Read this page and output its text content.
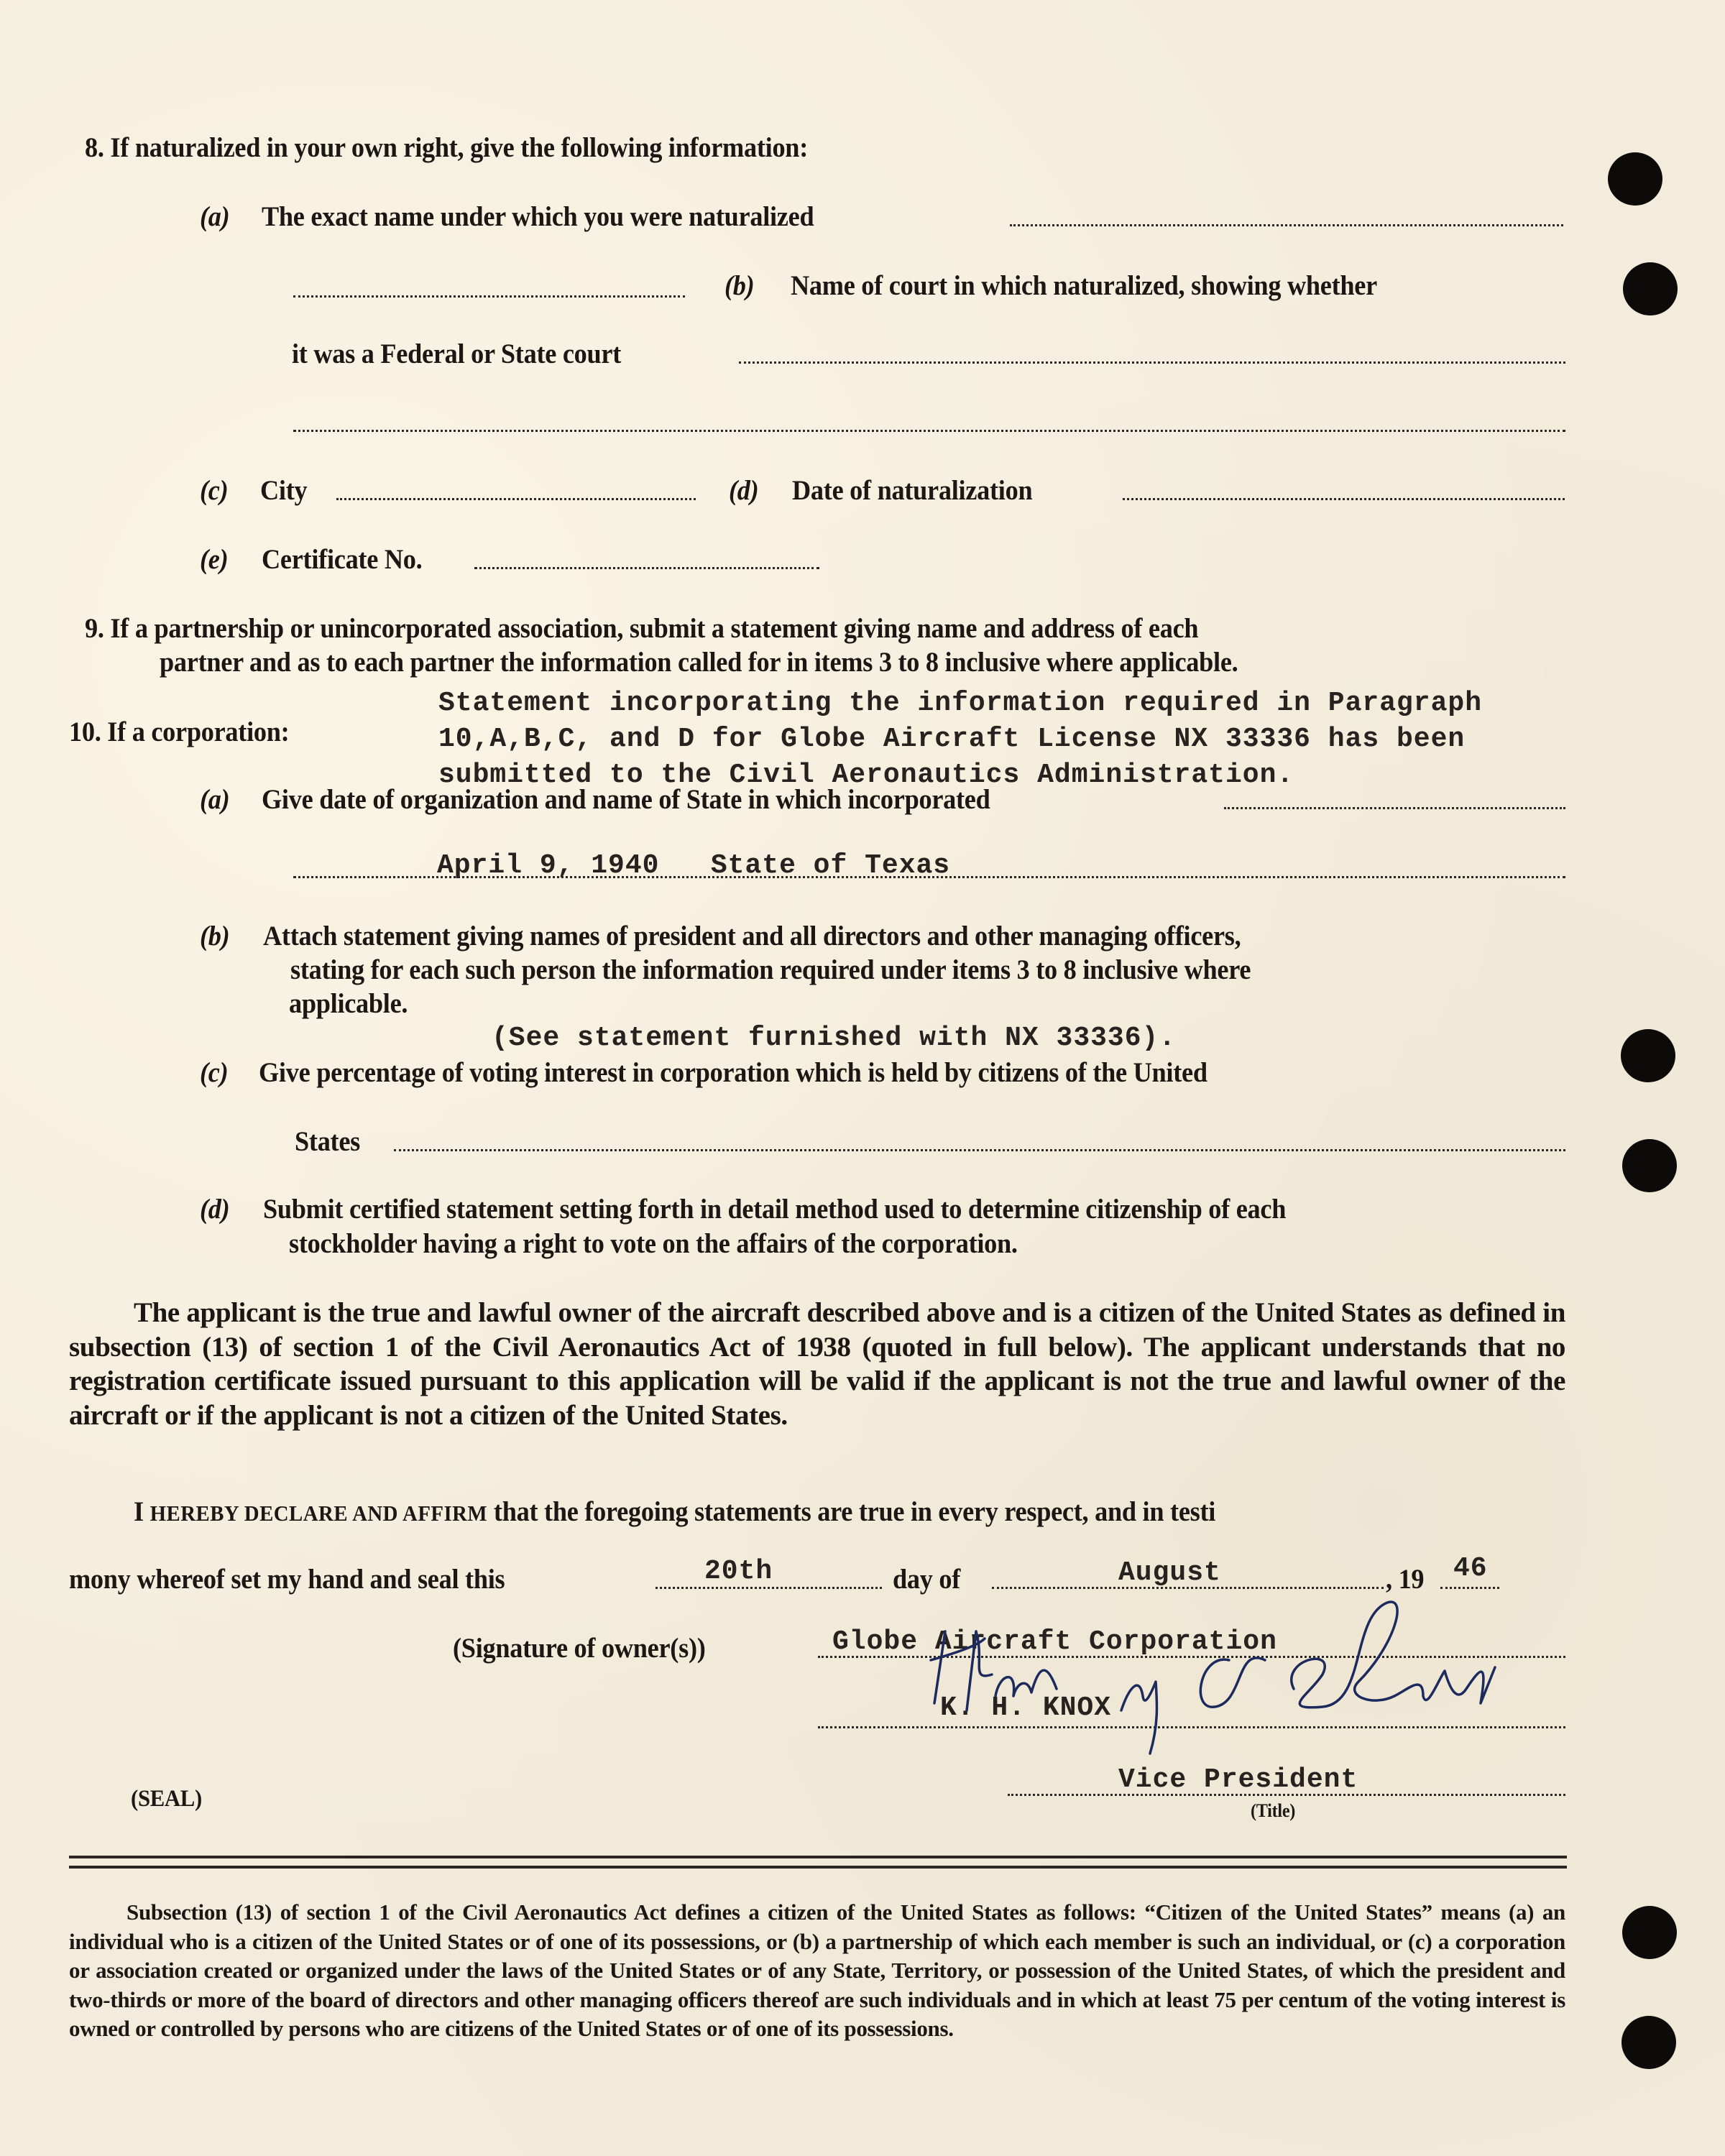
8. If naturalized in your own right, give the following information:
(a) The exact name under which you were naturalized
(b) Name of court in which naturalized, showing whether
it was a Federal or State court
(c) City	(d) Date of naturalization
(e) Certificate No.
9. If a partnership or unincorporated association, submit a statement giving name and address of each
partner and as to each partner the information called for in items 3 to 8 inclusive where applicable.
10. If a corporation:
Statement incorporating the information required in Paragraph
10,A,B,C, and D for Globe Aircraft License NX 33336 has been
submitted to the Civil Aeronautics Administration.
(a) Give date of organization and name of State in which incorporated
April 9, 1940   State of Texas
(b) Attach statement giving names of president and all directors and other managing officers,
stating for each such person the information required under items 3 to 8 inclusive where
applicable.
(See statement furnished with NX 33336).
(c) Give percentage of voting interest in corporation which is held by citizens of the United
States
(d) Submit certified statement setting forth in detail method used to determine citizenship of each
stockholder having a right to vote on the affairs of the corporation.
The applicant is the true and lawful owner of the aircraft described above and is a citizen of the United States as defined in subsection (13) of section 1 of the Civil Aeronautics Act of 1938 (quoted in full below). The applicant understands that no registration certificate issued pursuant to this application will be valid if the applicant is not the true and lawful owner of the aircraft or if the applicant is not a citizen of the United States.
I HEREBY DECLARE AND AFFIRM that the foregoing statements are true in every respect, and in testi
mony whereof set my hand and seal this	20th	day of	August	, 19 46
(Signature of owner(s))	Globe Aircraft Corporation
K. H. KNOX
(SEAL)
Vice President
(Title)
Subsection (13) of section 1 of the Civil Aeronautics Act defines a citizen of the United States as follows: “Citizen of the United States” means (a) an individual who is a citizen of the United States or of one of its possessions, or (b) a partnership of which each member is such an individual, or (c) a corporation or association created or organized under the laws of the United States or of any State, Territory, or possession of the United States, of which the president and two-thirds or more of the board of directors and other managing officers thereof are such individuals and in which at least 75 per centum of the voting interest is owned or controlled by persons who are citizens of the United States or of one of its possessions.
